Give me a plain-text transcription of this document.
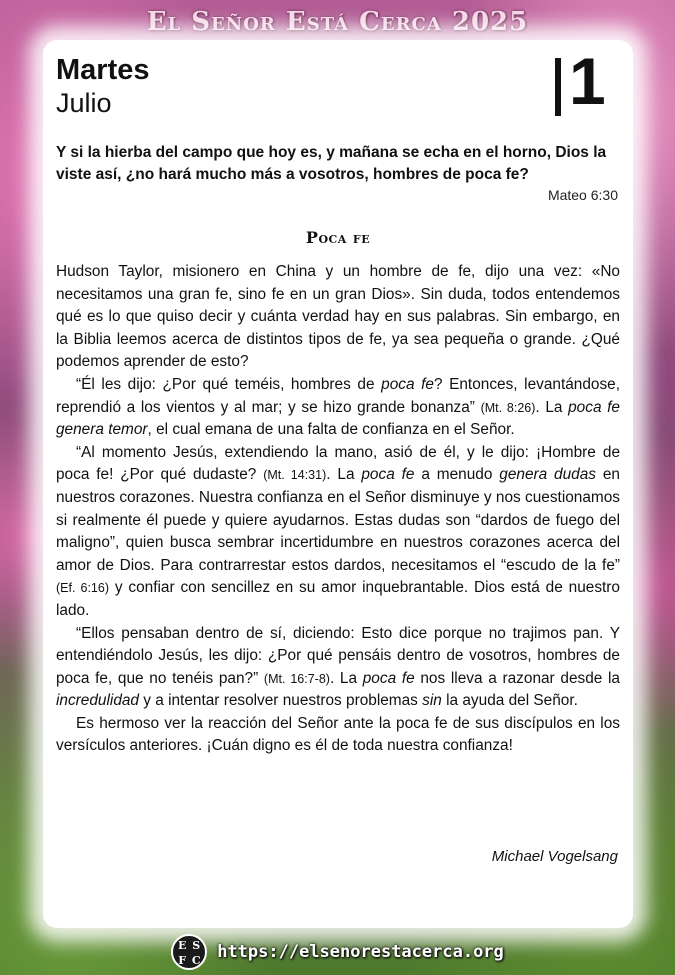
El Señor Está Cerca 2025
Martes
Julio	1

Y si la hierba del campo que hoy es, y mañana se echa en el horno, Dios la viste así, ¿no hará mucho más a vosotros, hombres de poca fe?

Mateo 6:30
Poca fe

Hudson Taylor, misionero en China y un hombre de fe, dijo una vez: «No necesitamos una gran fe, sino fe en un gran Dios». Sin duda, todos entendemos qué es lo que quiso decir y cuánta verdad hay en sus palabras. Sin embargo, en la Biblia leemos acerca de distintos tipos de fe, ya sea pequeña o grande. ¿Qué podemos aprender de esto?

“Él les dijo: ¿Por qué teméis, hombres de poca fe? Entonces, levantándose, reprendió a los vientos y al mar; y se hizo grande bonanza” (Mt. 8:26). La poca fe genera temor, el cual emana de una falta de confianza en el Señor.

“Al momento Jesús, extendiendo la mano, asió de él, y le dijo: ¡Hombre de poca fe! ¿Por qué dudaste? (Mt. 14:31). La poca fe a menudo genera dudas en nuestros corazones. Nuestra confianza en el Señor disminuye y nos cuestionamos si realmente él puede y quiere ayudarnos. Estas dudas son “dardos de fuego del maligno”, quien busca sembrar incertidumbre en nuestros corazones acerca del amor de Dios. Para contrarrestar estos dardos, necesitamos el “escudo de la fe” (Ef. 6:16) y confiar con sencillez en su amor inquebrantable. Dios está de nuestro lado.

“Ellos pensaban dentro de sí, diciendo: Esto dice porque no trajimos pan. Y entendiéndolo Jesús, les dijo: ¿Por qué pensáis dentro de vosotros, hombres de poca fe, que no tenéis pan?” (Mt. 16:7-8). La poca fe nos lleva a razonar desde la incredulidad y a intentar resolver nuestros problemas sin la ayuda del Señor.

Es hermoso ver la reacción del Señor ante la poca fe de sus discípulos en los versículos anteriores. ¡Cuán digno es él de toda nuestra confianza!

Michael Vogelsang
E S
F C https://elsenorestacerca.org
